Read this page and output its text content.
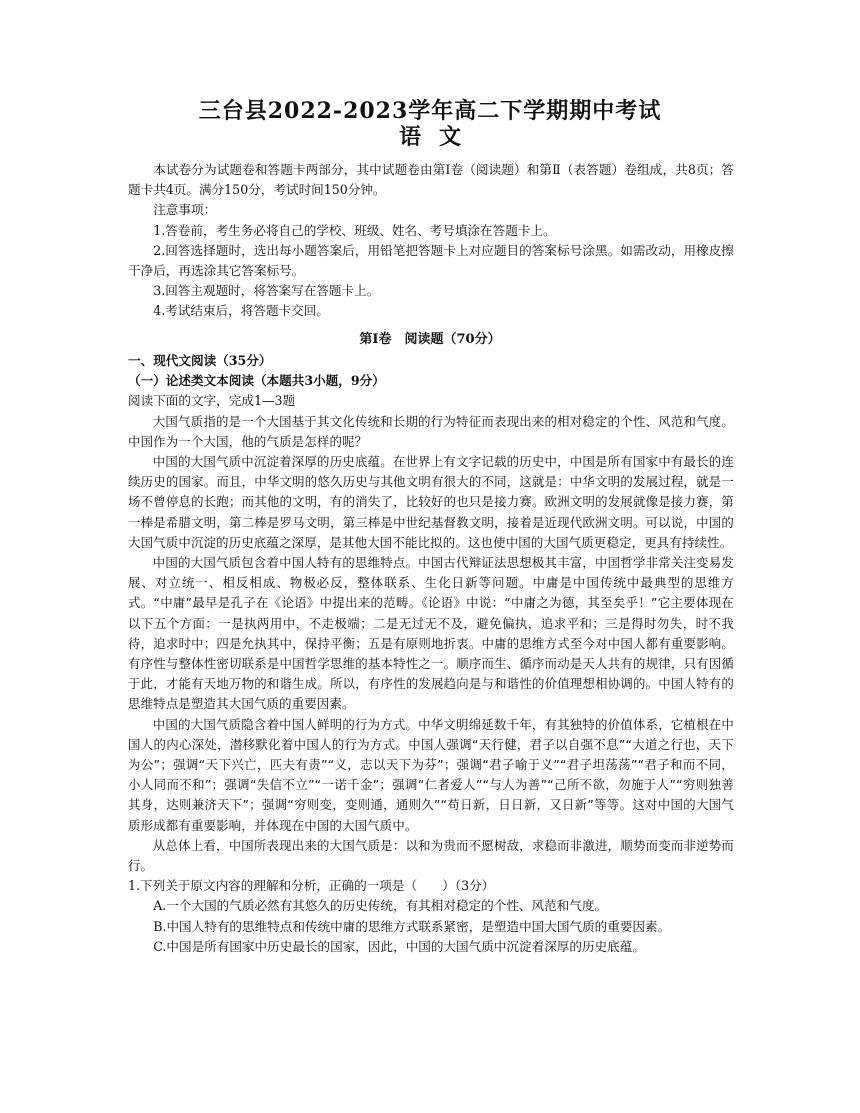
三台县2022-2023学年高二下学期期中考试
语文

本试卷分为试题卷和答题卡两部分，其中试题卷由第Ⅰ卷（阅读题）和第Ⅱ（表答题）卷组成，共8页；答题卡共4页。满分150分，考试时间150分钟。

注意事项：

1.答卷前，考生务必将自己的学校、班级、姓名、考号填涂在答题卡上。

2.回答选择题时，选出每小题答案后，用铅笔把答题卡上对应题目的答案标号涂黑。如需改动，用橡皮擦干净后，再选涂其它答案标号。

3.回答主观题时，将答案写在答题卡上。

4.考试结束后，将答题卡交回。

第Ⅰ卷　阅读题（70分）

一、现代文阅读（35分）

（一）论述类文本阅读（本题共3小题，9分）

阅读下面的文字，完成1—3题

大国气质指的是一个大国基于其文化传统和长期的行为特征而表现出来的相对稳定的个性、风范和气度。中国作为一个大国，他的气质是怎样的呢？

中国的大国气质中沉淀着深厚的历史底蕴。在世界上有文字记载的历史中，中国是所有国家中有最长的连续历史的国家。而且，中华文明的悠久历史与其他文明有很大的不同，这就是：中华文明的发展过程，就是一场不曾停息的长跑；而其他的文明，有的消失了，比较好的也只是接力赛。欧洲文明的发展就像是接力赛，第一棒是希腊文明，第二棒是罗马文明，第三棒是中世纪基督教文明，接着是近现代欧洲文明。可以说，中国的大国气质中沉淀的历史底蕴之深厚，是其他大国不能比拟的。这也使中国的大国气质更稳定，更具有持续性。

中国的大国气质包含着中国人特有的思维特点。中国古代辩证法思想极其丰富，中国哲学非常关注变易发展、对立统一、相反相成、物极必反，整体联系、生化日新等问题。中庸是中国传统中最典型的思维方式。“中庸”最早是孔子在《论语》中提出来的范畴。《论语》中说：“中庸之为德，其至矣乎！”它主要体现在以下五个方面：一是执两用中，不走极端；二是无过无不及，避免偏执，追求平和；三是得时勿失，时不我待，追求时中；四是允执其中，保持平衡；五是有原则地折衷。中庸的思维方式至今对中国人都有重要影响。有序性与整体性密切联系是中国哲学思维的基本特性之一。顺序而生、循序而动是天人共有的规律，只有因循于此，才能有天地万物的和谐生成。所以，有序性的发展趋向是与和谐性的价值理想相协调的。中国人特有的思维特点是塑造其大国气质的重要因素。

中国的大国气质隐含着中国人鲜明的行为方式。中华文明绵延数千年，有其独特的价值体系，它植根在中国人的内心深处，潜移默化着中国人的行为方式。中国人强调“天行健，君子以自强不息”“大道之行也，天下为公”；强调“天下兴亡，匹夫有责”“义，志以天下为芬”；强调“君子喻于义”“君子坦荡荡”“君子和而不同，小人同而不和”；强调“失信不立”“一诺千金”；强调“仁者爱人”“与人为善”“己所不欲，勿施于人”“穷则独善其身，达则兼济天下”；强调“穷则变，变则通，通则久”“苟日新，日日新，又日新”等等。这对中国的大国气质形成都有重要影响，并体现在中国的大国气质中。

从总体上看，中国所表现出来的大国气质是：以和为贵而不愿树敌，求稳而非激进，顺势而变而非逆势而行。

1.下列关于原文内容的理解和分析，正确的一项是（　　）（3分）

A.一个大国的气质必然有其悠久的历史传统，有其相对稳定的个性、风范和气度。

B.中国人特有的思维特点和传统中庸的思维方式联系紧密，是塑造中国大国气质的重要因素。

C.中国是所有国家中历史最长的国家，因此，中国的大国气质中沉淀着深厚的历史底蕴。
